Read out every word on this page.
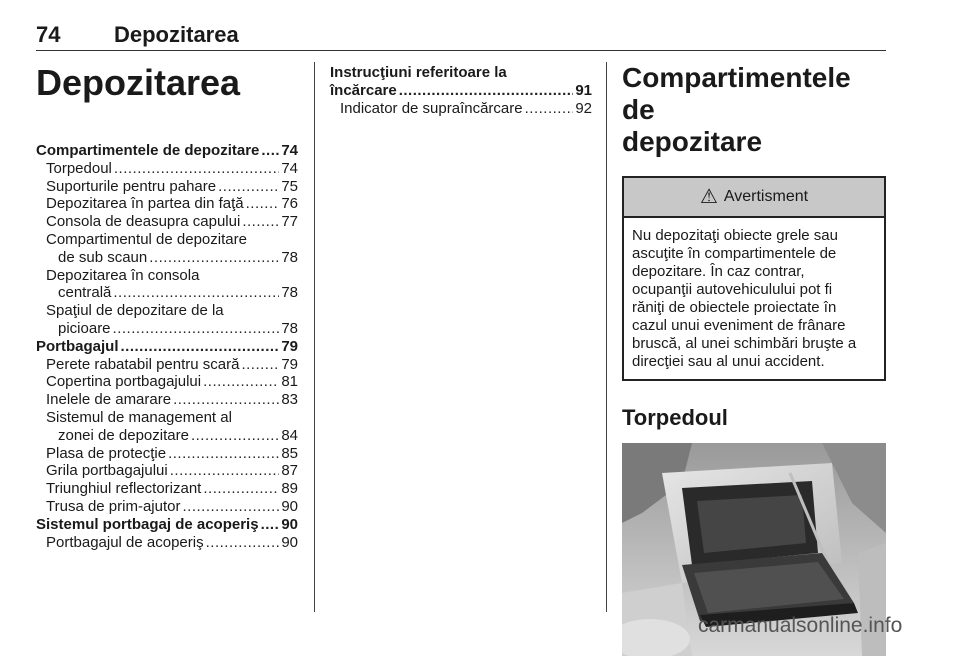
74 Depozitarea
Depozitarea
Compartimentele de depozitare ..... 74
Torpedoul .....	74
Suporturile pentru pahare .....	75
Depozitarea în partea din faţă .....	76
Consola de deasupra capului .....	77
Compartimentul de depozitare
de sub scaun .....	78
Depozitarea în consola
centrală .....	78
Spaţiul de depozitare de la
picioare .....	78
Portbagajul .....	79
Perete rabatabil pentru scară .....	79
Copertina portbagajului .....	81
Inelele de amarare .....	83
Sistemul de management al
zonei de depozitare .....	84
Plasa de protecţie .....	85
Grila portbagajului .....	87
Triunghiul reflectorizant .....	89
Trusa de prim-ajutor .....	90
Sistemul portbagaj de acoperiş ..... 90
Portbagajul de acoperiş .....	90
Instrucţiuni referitoare la
încărcare .....	91
Indicator de supraîncărcare .....	92
Compartimentele de
depozitare
⚠ Avertisment
Nu depozitaţi obiecte grele sau
ascuţite în compartimentele de
depozitare. În caz contrar,
ocupanţii autovehiculului pot fi
răniţi de obiectele proiectate în
cazul unui eveniment de frânare
bruscă, al unei schimbări bruşte a
direcţiei sau al unui accident.
Torpedoul
carmanualsonline.info
